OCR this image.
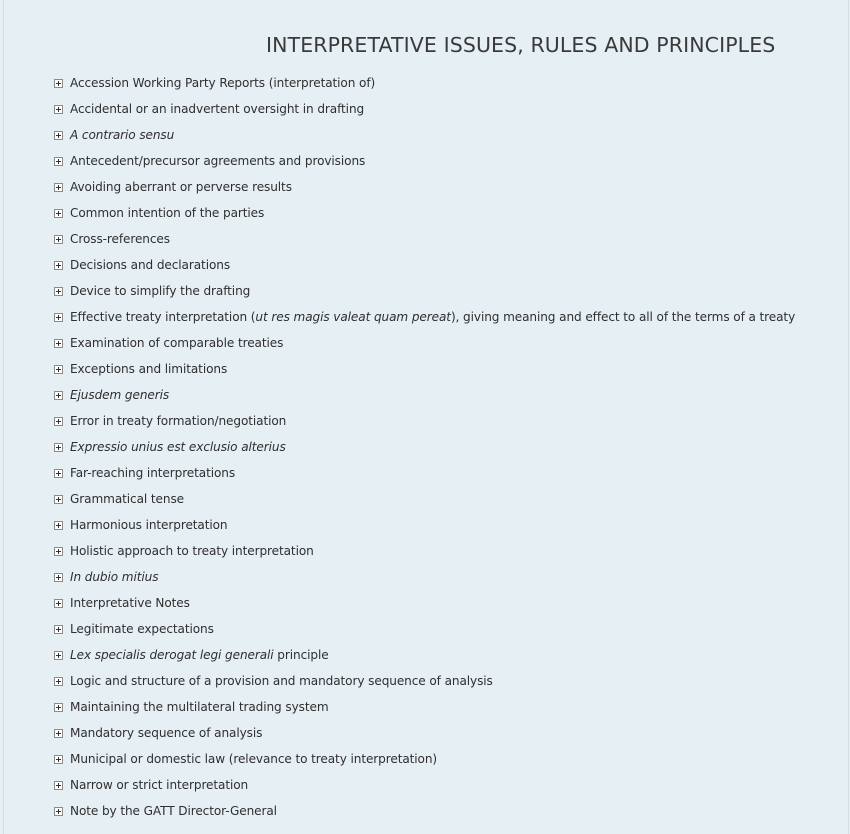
INTERPRETATIVE ISSUES, RULES AND PRINCIPLES
Accession Working Party Reports (interpretation of)
Accidental or an inadvertent oversight in drafting
A contrario sensu
Antecedent/precursor agreements and provisions
Avoiding aberrant or perverse results
Common intention of the parties
Cross-references
Decisions and declarations
Device to simplify the drafting
Effective treaty interpretation (ut res magis valeat quam pereat), giving meaning and effect to all of the terms of a treaty
Examination of comparable treaties
Exceptions and limitations
Ejusdem generis
Error in treaty formation/negotiation
Expressio unius est exclusio alterius
Far-reaching interpretations
Grammatical tense
Harmonious interpretation
Holistic approach to treaty interpretation
In dubio mitius
Interpretative Notes
Legitimate expectations
Lex specialis derogat legi generali principle
Logic and structure of a provision and mandatory sequence of analysis
Maintaining the multilateral trading system
Mandatory sequence of analysis
Municipal or domestic law (relevance to treaty interpretation)
Narrow or strict interpretation
Note by the GATT Director-General
